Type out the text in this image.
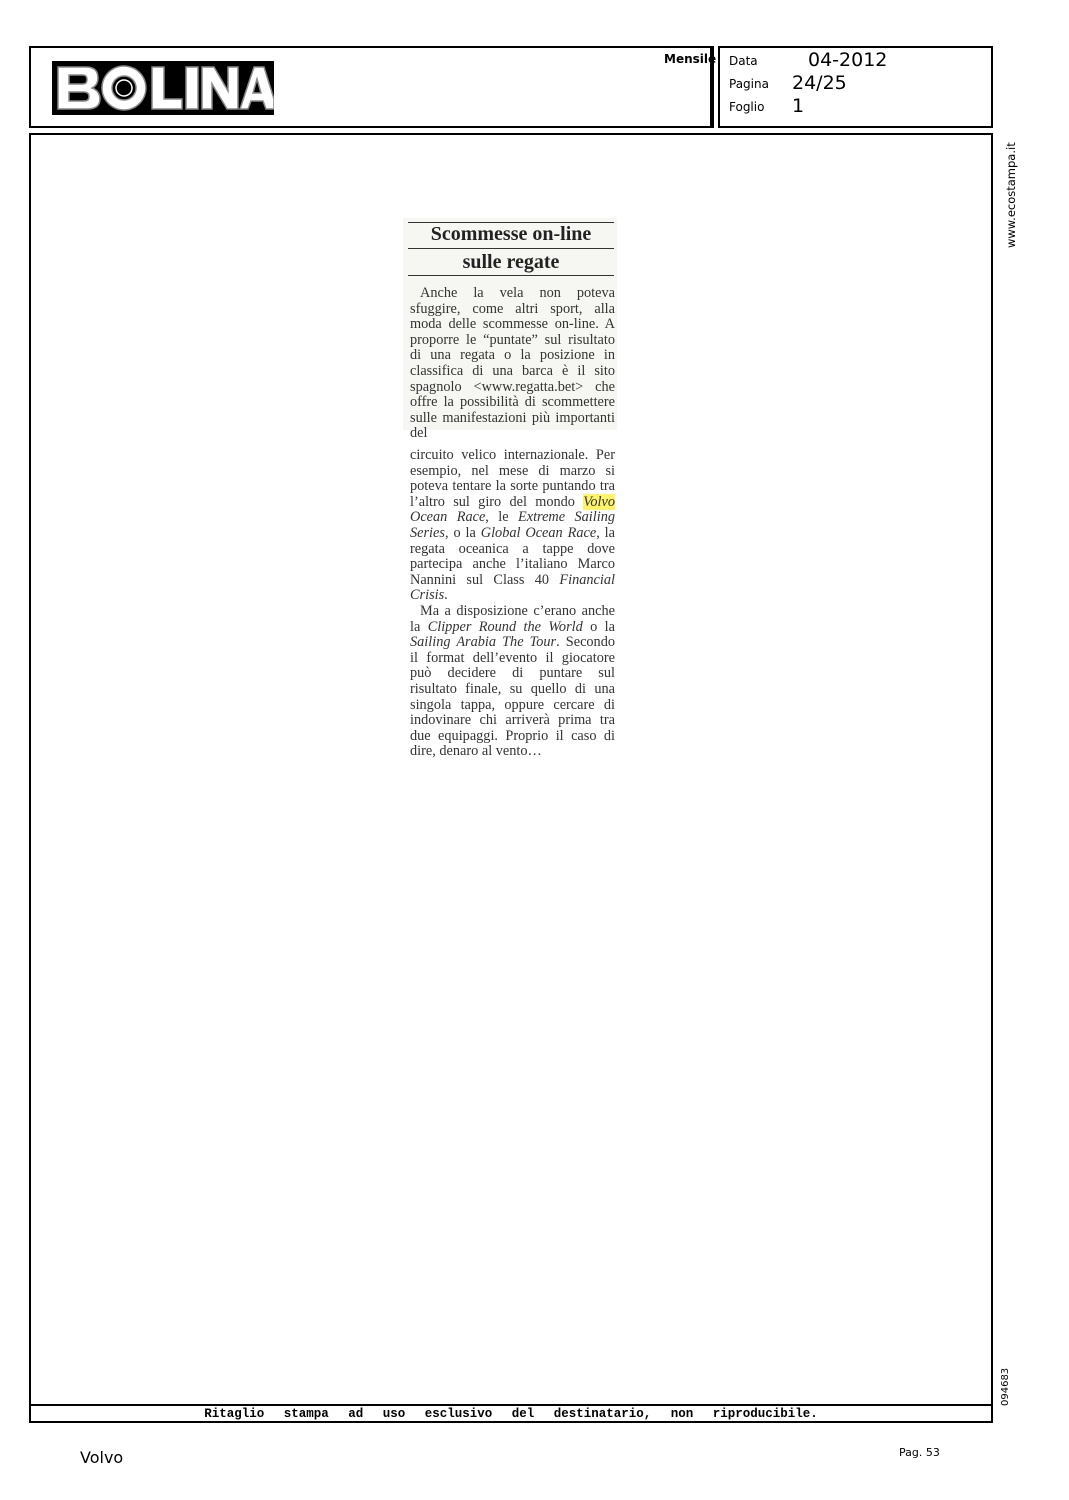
Mensile Data	04-2012
Pagina 24/25
Foglio 1
Ritaglio stampa ad uso esclusivo del destinatario, non riproducibile.
www.ecostampa.it
094683
Scommesse on-line
sulle regate

Anche la vela non poteva sfuggire, come altri sport, alla moda delle scommesse on-line. A proporre le “puntate” sul risultato di una regata o la posizione in classifica di una barca è il sito spagnolo <www.regatta.bet> che offre la possibilità di scommettere sulle manifestazioni più importanti del

circuito velico internazionale. Per esempio, nel mese di marzo si poteva tentare la sorte puntando tra l’altro sul giro del mondo Volvo Ocean Race, le Extreme Sailing Series, o la Global Ocean Race, la regata oceanica a tappe dove partecipa anche l’italiano Marco Nannini sul Class 40 Financial Crisis.

Ma a disposizione c’erano anche la Clipper Round the World o la Sailing Arabia The Tour. Secondo il format dell’evento il giocatore può decidere di puntare sul risultato finale, su quello di una singola tappa, oppure cercare di indovinare chi arriverà prima tra due equipaggi. Proprio il caso di dire, denaro al vento…

Volvo	Pag. 53
